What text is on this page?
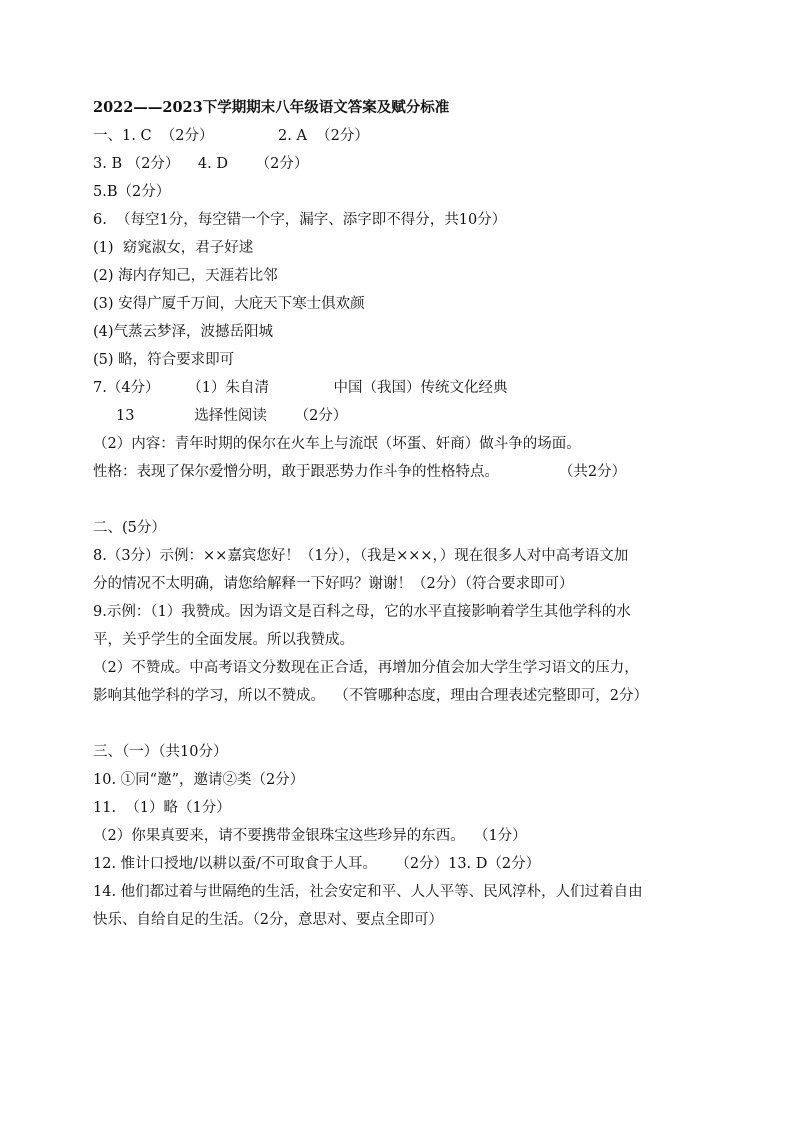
2022——2023下学期期末八年级语文答案及赋分标准
一、1. C  （2分）              2. A  （2分）
3. B （2分）    4. D      （2分）
5.B（2分）
6.  （每空1分，每空错一个字，漏字、添字即不得分，共10分）
(1)  窈窕淑女，君子好逑
(2) 海内存知己，天涯若比邻
(3) 安得广厦千万间，大庇天下寒士俱欢颜
(4)气蒸云梦泽，波撼岳阳城
(5) 略，符合要求即可
7.（4分）      （1）朱自清              中国（我国）传统文化经典
13             选择性阅读      （2分）
（2）内容：青年时期的保尔在火车上与流氓（坏蛋、奸商）做斗争的场面。
性格：表现了保尔爱憎分明，敢于跟恶势力作斗争的性格特点。             （共2分）
二、(5分）
8.（3分）示例：××嘉宾您好！（1分），（我是×××，）现在很多人对中高考语文加
分的情况不太明确，请您给解释一下好吗？谢谢！（2分）（符合要求即可）
9.示例：（1）我赞成。因为语文是百科之母，它的水平直接影响着学生其他学科的水
平，关乎学生的全面发展。所以我赞成。
（2）不赞成。中高考语文分数现在正合适，再增加分值会加大学生学习语文的压力，
影响其他学科的学习，所以不赞成。  （不管哪种态度，理由合理表述完整即可，2分）
三、（一）（共10分）
10. ①同“邀”，邀请②类（2分）
11.  （1）略（1分）
（2）你果真要来，请不要携带金银珠宝这些珍异的东西。  （1分）
12. 惟计口授地/以耕以蚕/不可取食于人耳。    （2分）13. D（2分）
14. 他们都过着与世隔绝的生活，社会安定和平、人人平等、民风淳朴，人们过着自由
快乐、自给自足的生活。（2分，意思对、要点全即可）
